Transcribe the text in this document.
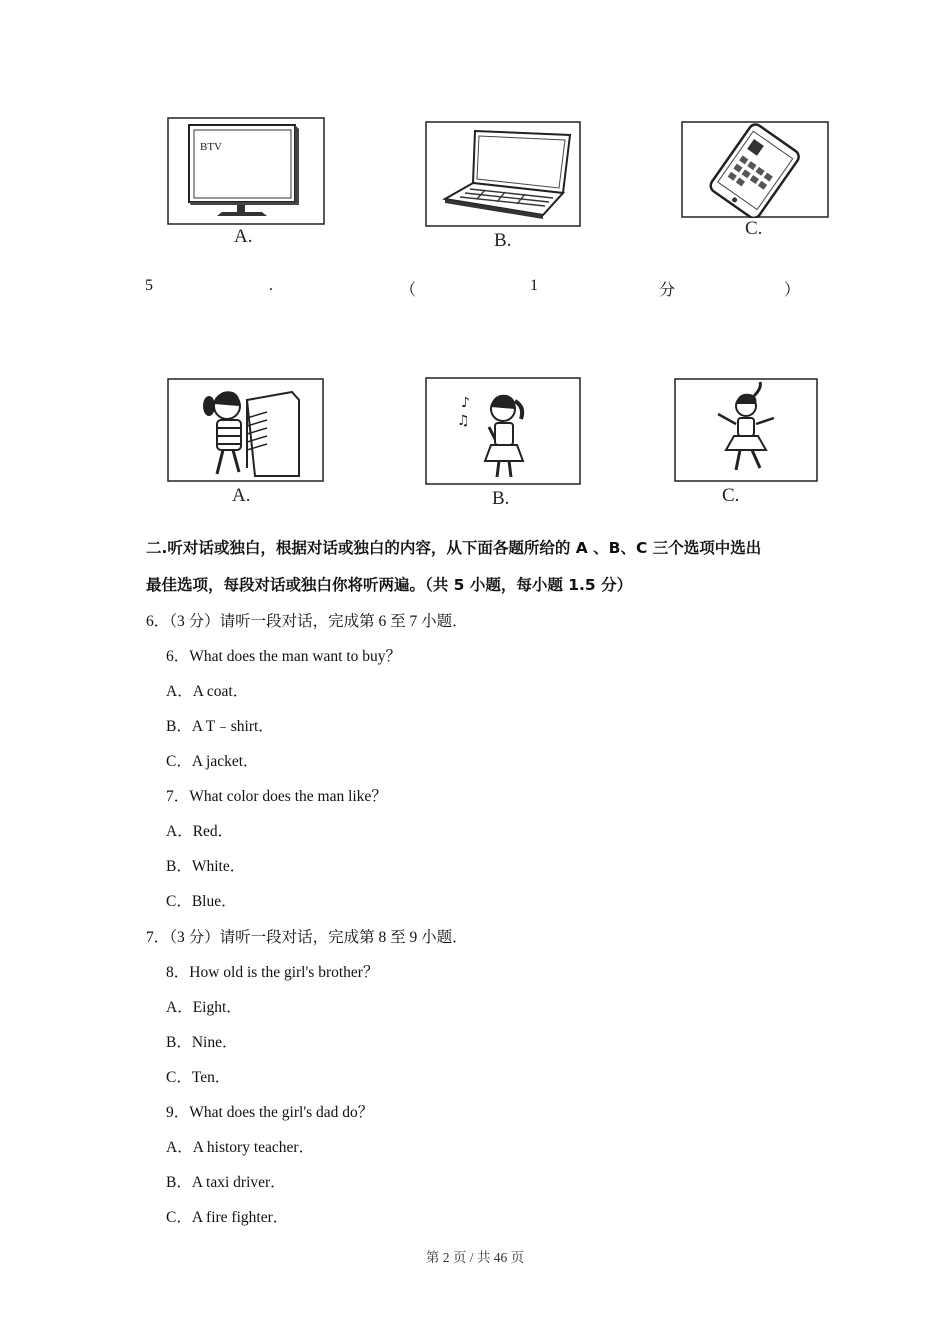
BTV
A.	B.
C.
5	.	（	1	分	）
A.
♪
♫
B.	C.
二.听对话或独白，根据对话或独白的内容，从下面各题所给的 A 、B、C 三个选项中选出
最佳选项，每段对话或独白你将听两遍。（共 5 小题，每小题 1.5 分）
6．（3 分）请听一段对话，完成第 6 至 7 小题．
6．What does the man want to buy？
A．A coat．
B．A T﹣shirt．
C．A jacket．
7．What color does the man like？
A．Red．
B．White．
C．Blue．
7．（3 分）请听一段对话，完成第 8 至 9 小题．
8．How old is the girl's brother？
A．Eight．
B．Nine．
C．Ten．
9．What does the girl's dad do？
A．A history teacher．
B．A taxi driver．
C．A fire fighter．
第 2 页 / 共 46 页
